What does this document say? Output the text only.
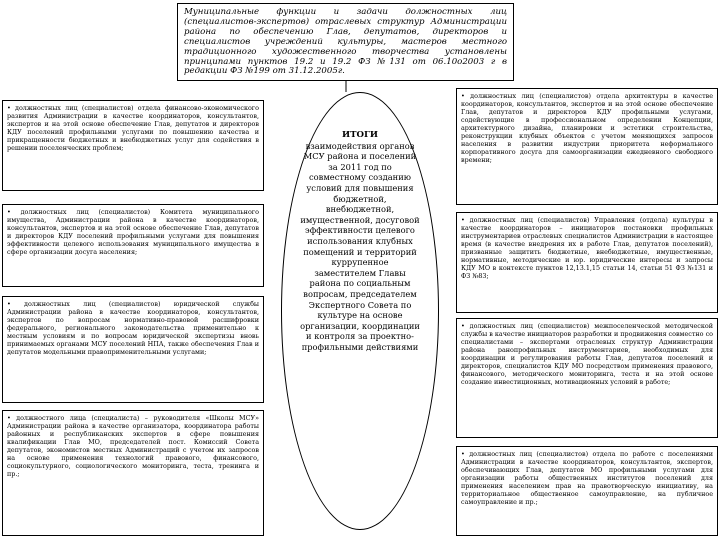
Муниципальные функции и задачи должностных лиц (специалистов-экспертов) отраслевых структур Администрации района по обеспечению Глав, депутатов, директоров и специалистов учреждений культуры, мастеров местного традиционного художественного творчества установлены принципами пунктов 19.2 и 19.2 ФЗ №131 от 06.10о2003 г в редакции ФЗ №199 от 31.12.2005г.
ИТОГИ
взаимодействия органов МСУ района и поселений за 2011 год по совместному созданию условий для повышения бюджетной, внебюджетной, имущественной, досуговой эффективности целевого использования клубных помещений и территорий куррупенное заместителем Главы района по социальным вопросам, председателем Экспертного Совета по культуре на основе организации, координации и контроля за проектно-профильными действиями
• должностных лиц (специалистов) отдела финансово-экономического развития Администрации в качестве координаторов, консультантов, экспертов и на этой основе обеспечение Глав, депутатов и директоров КДУ поселений профильными услугами по повышению качества и прикращенности бюджетных и внебюджетных услуг для содействия в решении поселенческих проблем;
• должностных лиц (специалистов) Комитета муниципального имущества, Администрации района в качестве координаторов, консультантов, экспертов и на этой основе обеспечение Глав, депутатов и директоров КДУ поселений профильными услугами для повышения эффективности целевого использования муниципального имущества в сфере организации досуга населения;
• должностных лиц (специалистов) юридической службы Администрации района в качестве координаторов, консультантов, экспертов по вопросам нормативно-правовой расшифровки федерального, регионального законодательства применительно к местным условиям и по вопросам юридической экспертизы вновь принимаемых органами МСУ поселений НПА, также обеспечения Глав и депутатов модельными правоприменительными услугами;
• должностного лица (специалиста) – руководителя «Школы МСУ» Администрации района в качестве организатора, координатора работы районных и республиканских экспертов в сфере повышения квалификации Глав МО, председателей пост. Комиссий Совета депутатов, экономистов местных Администраций с учетом их запросов на основе применения технологий правового, финансового, социокультурного, социологического мониторинга, теста, тренинга и пр.;
• должностных лиц (специалистов) отдела архитектуры в качестве координаторов, консультантов, экспертов и на этой основе обеспечение Глав, депутатов и директоров КДУ профильными услугами, содействующие в профессиональном определении Концепции, архитектурного дизайна, планировки и эстетики строительства, реконструкции клубных объектов с учетом меняющихся запросов населения в развитии индустрии приоритета неформального корпоративного досуга для самоорганизации ежедневного свободного времени;
• должностных лиц (специалистов) Управления (отдела) культуры в качестве координаторов – инициаторов постановки профильных инструментариев отраслевых специалистов Администрации в настоящее время (в качестве внедрения их в работе Глав, депутатов поселений), призванные защитить бюджетные, внебюджетные, имущественные, нормативные, методические и юр. юридические интересы и запросы КДУ МО в контексте пунктов 12,13.1,15 статьи 14, статьи 51 ФЗ №131 и ФЗ №83;
• должностных лиц (специалистов) межпоселенческой методической службы в качестве инициаторов разработки и продвижения совместно со специалистами – экспертами отраслевых структур Администрации района ранопрофильных инструментариев, необходимых для координации и регулирования работы Глав, депутатов поселений и директоров, специалистов КДУ МО посредством применения правового, финансового, методического мониторинга, теста и на этой основе создание инвестиционных, мотивационных условий в работе;
• должностных лиц (специалистов) отдела по работе с поселениями Администрации в качестве координаторов, консультантов, экспертов, обеспечивающих Глав, депутатов МО профильными услугами для организации работы общественных институтов поселений для применения населением прав на правотворческую инициативу, на территориальное общественное самоуправление, на публичное самоуправление и пр.;
